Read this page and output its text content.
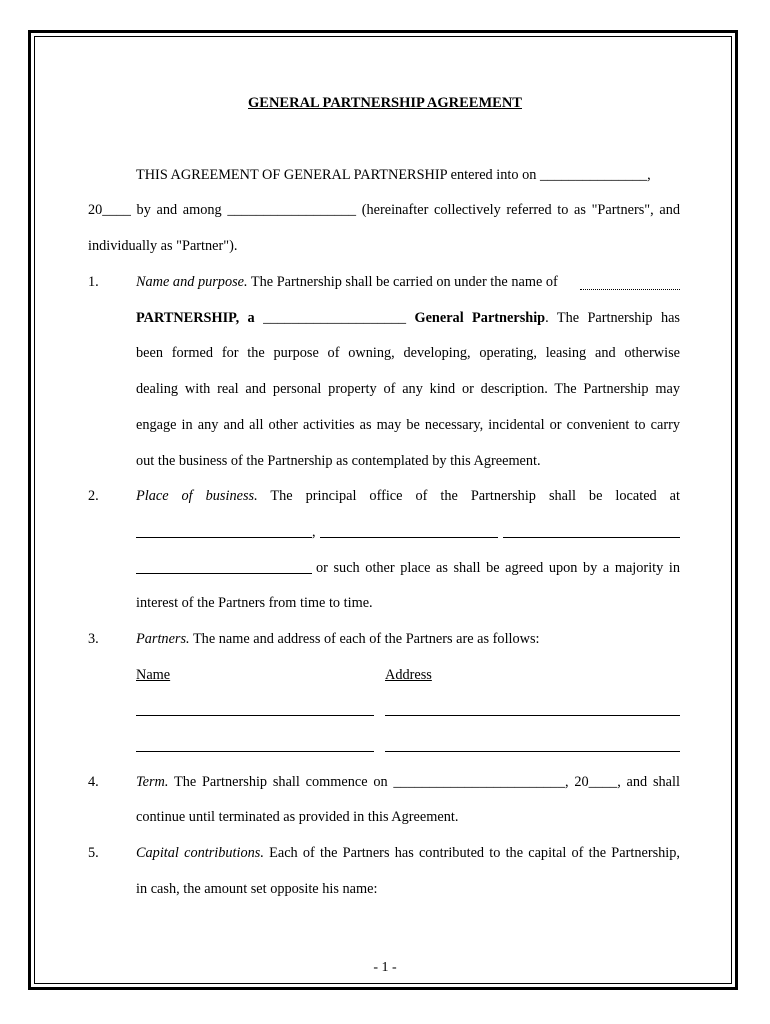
GENERAL PARTNERSHIP AGREEMENT
THIS AGREEMENT OF GENERAL PARTNERSHIP entered into on _______________,
20____ by and among __________________ (hereinafter collectively referred to as "Partners", and
individually as "Partner").
1.	Name and purpose. The Partnership shall be carried on under the name of
PARTNERSHIP, a ____________________ General Partnership. The Partnership has
been formed for the purpose of owning, developing, operating, leasing and otherwise
dealing with real and personal property of any kind or description. The Partnership may
engage in any and all other activities as may be necessary, incidental or convenient to carry
out the business of the Partnership as contemplated by this Agreement.
2.	Place of business. The principal office of the Partnership shall be located at
,
or such other place as shall be agreed upon by a majority in
interest of the Partners from time to time.
3.	Partners. The name and address of each of the Partners are as follows:
Name	Address
4.	Term. The Partnership shall commence on ________________________, 20____, and shall
continue until terminated as provided in this Agreement.
5.	Capital contributions. Each of the Partners has contributed to the capital of the Partnership,
in cash, the amount set opposite his name:
- 1 -
